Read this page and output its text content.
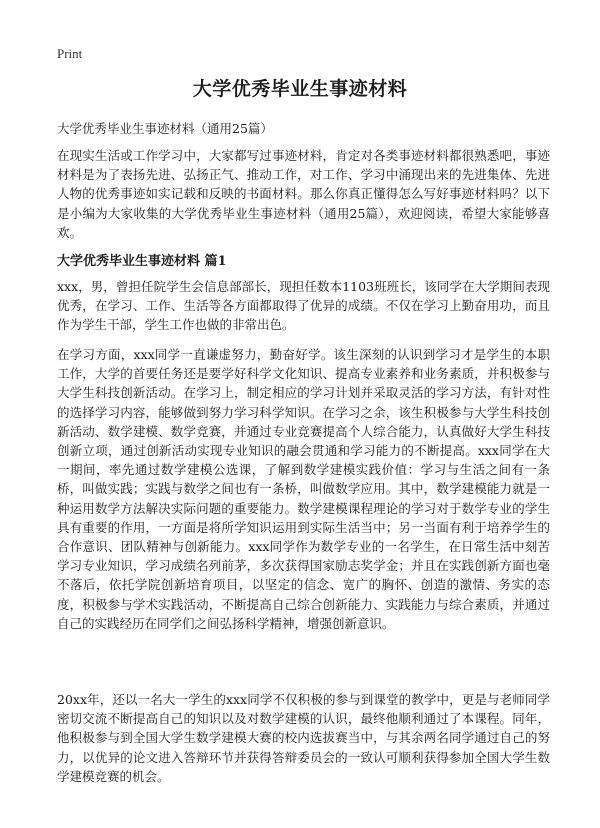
Print
大学优秀毕业生事迹材料
大学优秀毕业生事迹材料（通用25篇）
在现实生活或工作学习中，大家都写过事迹材料，肯定对各类事迹材料都很熟悉吧，事迹材料是为了表扬先进、弘扬正气、推动工作，对工作、学习中涌现出来的先进集体、先进人物的优秀事迹如实记载和反映的书面材料。那么你真正懂得怎么写好事迹材料吗？以下是小编为大家收集的大学优秀毕业生事迹材料（通用25篇），欢迎阅读，希望大家能够喜欢。
大学优秀毕业生事迹材料 篇1
xxx，男，曾担任院学生会信息部部长，现担任数本1103班班长，该同学在大学期间表现优秀，在学习、工作、生活等各方面都取得了优异的成绩。不仅在学习上勤奋用功，而且作为学生干部，学生工作也做的非常出色。
在学习方面，xxx同学一直谦虚努力，勤奋好学。该生深刻的认识到学习才是学生的本职工作，大学的首要任务还是要学好科学文化知识、提高专业素养和业务素质，并积极参与大学生科技创新活动。在学习上，制定相应的学习计划并采取灵活的学习方法，有针对性的选择学习内容，能够做到努力学习科学知识。在学习之余，该生积极参与大学生科技创新活动、数学建模、数学竞赛，并通过专业竞赛提高个人综合能力，认真做好大学生科技创新立项，通过创新活动实现专业知识的融会贯通和学习能力的不断提高。xxx同学在大一期间，率先通过数学建模公选课，了解到数学建模实践价值：学习与生活之间有一条桥，叫做实践；实践与数学之间也有一条桥，叫做数学应用。其中，数学建模能力就是一种运用数学方法解决实际问题的重要能力。数学建模课程理论的学习对于数学专业的学生具有重要的作用，一方面是将所学知识运用到实际生活当中；另一当面有利于培养学生的合作意识、团队精神与创新能力。xxx同学作为数学专业的一名学生，在日常生活中刻苦学习专业知识，学习成绩名列前茅，多次获得国家励志奖学金；并且在实践创新方面也毫不落后，依托学院创新培育项目，以坚定的信念、宽广的胸怀、创造的激情、务实的态度，积极参与学术实践活动，不断提高自己综合创新能力、实践能力与综合素质，并通过自己的实践经历在同学们之间弘扬科学精神，增强创新意识。
20xx年，还以一名大一学生的xxx同学不仅积极的参与到课堂的教学中，更是与老师同学密切交流不断提高自己的知识以及对数学建模的认识，最终他顺利通过了本课程。同年，他积极参与到全国大学生数学建模大赛的校内选拔赛当中，与其余两名同学通过自己的努力，以优异的论文进入答辩环节并获得答辩委员会的一致认可顺利获得参加全国大学生数学建模竞赛的机会。
